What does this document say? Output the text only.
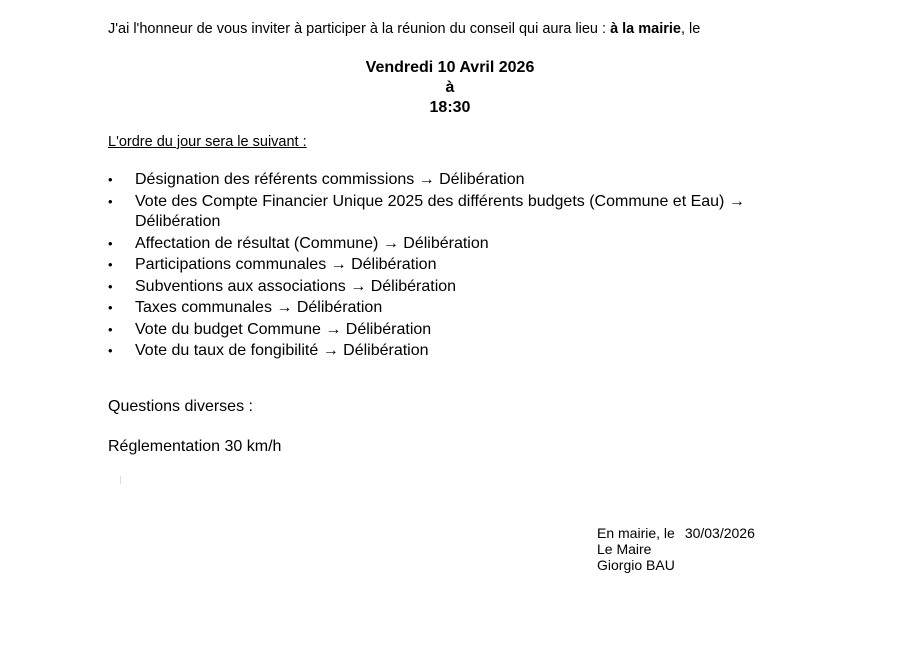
J'ai l'honneur de vous inviter à participer à la réunion du conseil qui aura lieu : à la mairie, le
Vendredi 10 Avril 2026
à
18:30
L'ordre du jour sera le suivant :
• Désignation des référents commissions → Délibération
• Vote des Compte Financier Unique 2025 des différents budgets (Commune et Eau) → Délibération
• Affectation de résultat (Commune) → Délibération
• Participations communales → Délibération
• Subventions aux associations → Délibération
• Taxes communales → Délibération
• Vote du budget Commune → Délibération
• Vote du taux de fongibilité → Délibération
Questions diverses :
Réglementation 30 km/h
En mairie, le 30/03/2026
Le Maire
Giorgio BAU
